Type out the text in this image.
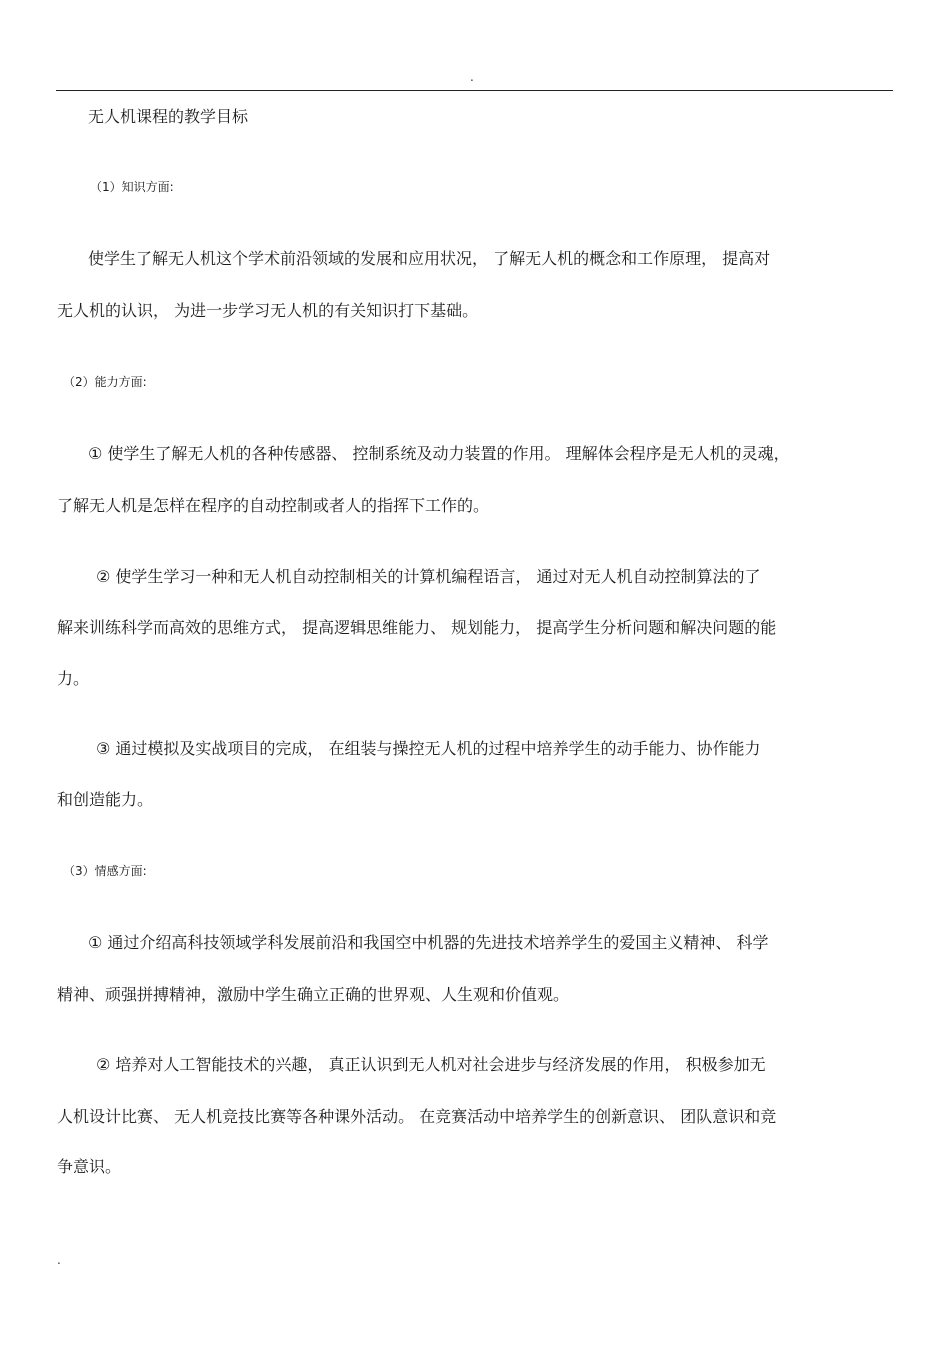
.
无人机课程的教学目标
（1）知识方面:
使学生了解无人机这个学术前沿领域的发展和应用状况， 了解无人机的概念和工作原理， 提高对
无人机的认识， 为进一步学习无人机的有关知识打下基础。
（2）能力方面:
① 使学生了解无人机的各种传感器、 控制系统及动力装置的作用。 理解体会程序是无人机的灵魂，
了解无人机是怎样在程序的自动控制或者人的指挥下工作的。
② 使学生学习一种和无人机自动控制相关的计算机编程语言， 通过对无人机自动控制算法的了
解来训练科学而高效的思维方式， 提高逻辑思维能力、 规划能力， 提高学生分析问题和解决问题的能
力。
③ 通过模拟及实战项目的完成， 在组装与操控无人机的过程中培养学生的动手能力、协作能力
和创造能力。
（3）情感方面:
① 通过介绍高科技领域学科发展前沿和我国空中机器的先进技术培养学生的爱国主义精神、 科学
精神、顽强拼搏精神，激励中学生确立正确的世界观、人生观和价值观。
② 培养对人工智能技术的兴趣， 真正认识到无人机对社会进步与经济发展的作用， 积极参加无
人机设计比赛、 无人机竞技比赛等各种课外活动。 在竞赛活动中培养学生的创新意识、 团队意识和竞
争意识。
.
